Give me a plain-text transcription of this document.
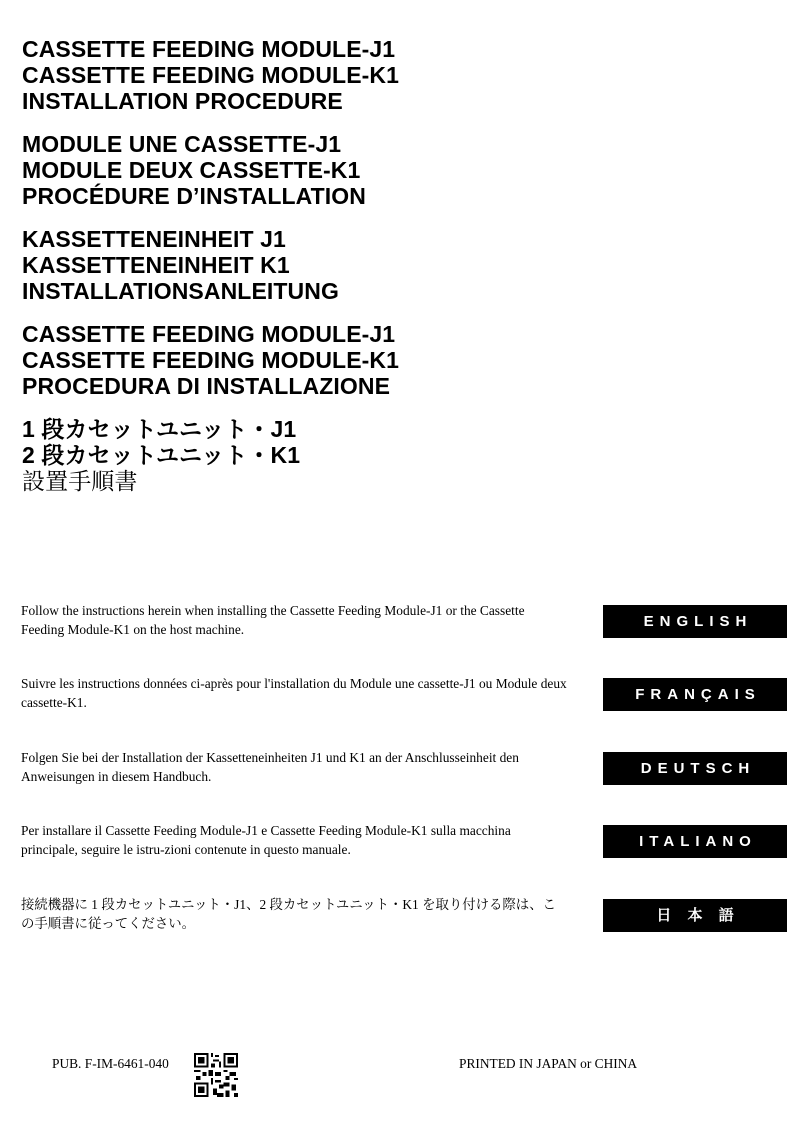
CASSETTE FEEDING MODULE-J1
CASSETTE FEEDING MODULE-K1
INSTALLATION PROCEDURE
MODULE UNE CASSETTE-J1
MODULE DEUX CASSETTE-K1
PROCÉDURE D’INSTALLATION
KASSETTENEINHEIT J1
KASSETTENEINHEIT K1
INSTALLATIONSANLEITUNG
CASSETTE FEEDING MODULE-J1
CASSETTE FEEDING MODULE-K1
PROCEDURA DI INSTALLAZIONE
1 段カセットユニット・J1
2 段カセットユニット・K1
設置手順書
Follow the instructions herein when installing the Cassette Feeding Module-J1 or the Cassette Feeding Module-K1 on the host machine.	ENGLISH
Suivre les instructions données ci-après pour l'installation du Module une cassette-J1 ou Module deux cassette-K1.	FRANÇAIS
Folgen Sie bei der Installation der Kassetteneinheiten J1 und K1 an der Anschlusseinheit den Anweisungen in diesem Handbuch.	DEUTSCH
Per installare il Cassette Feeding Module-J1 e Cassette Feeding Module-K1 sulla macchina principale, seguire le istru-zioni contenute in questo manuale.	ITALIANO
接続機器に 1 段カセットユニット・J1、2 段カセットユニット・K1 を取り付ける際は、この手順書に従ってください。	日 本 語
PUB. F-IM-6461-040	PRINTED IN JAPAN or CHINA
